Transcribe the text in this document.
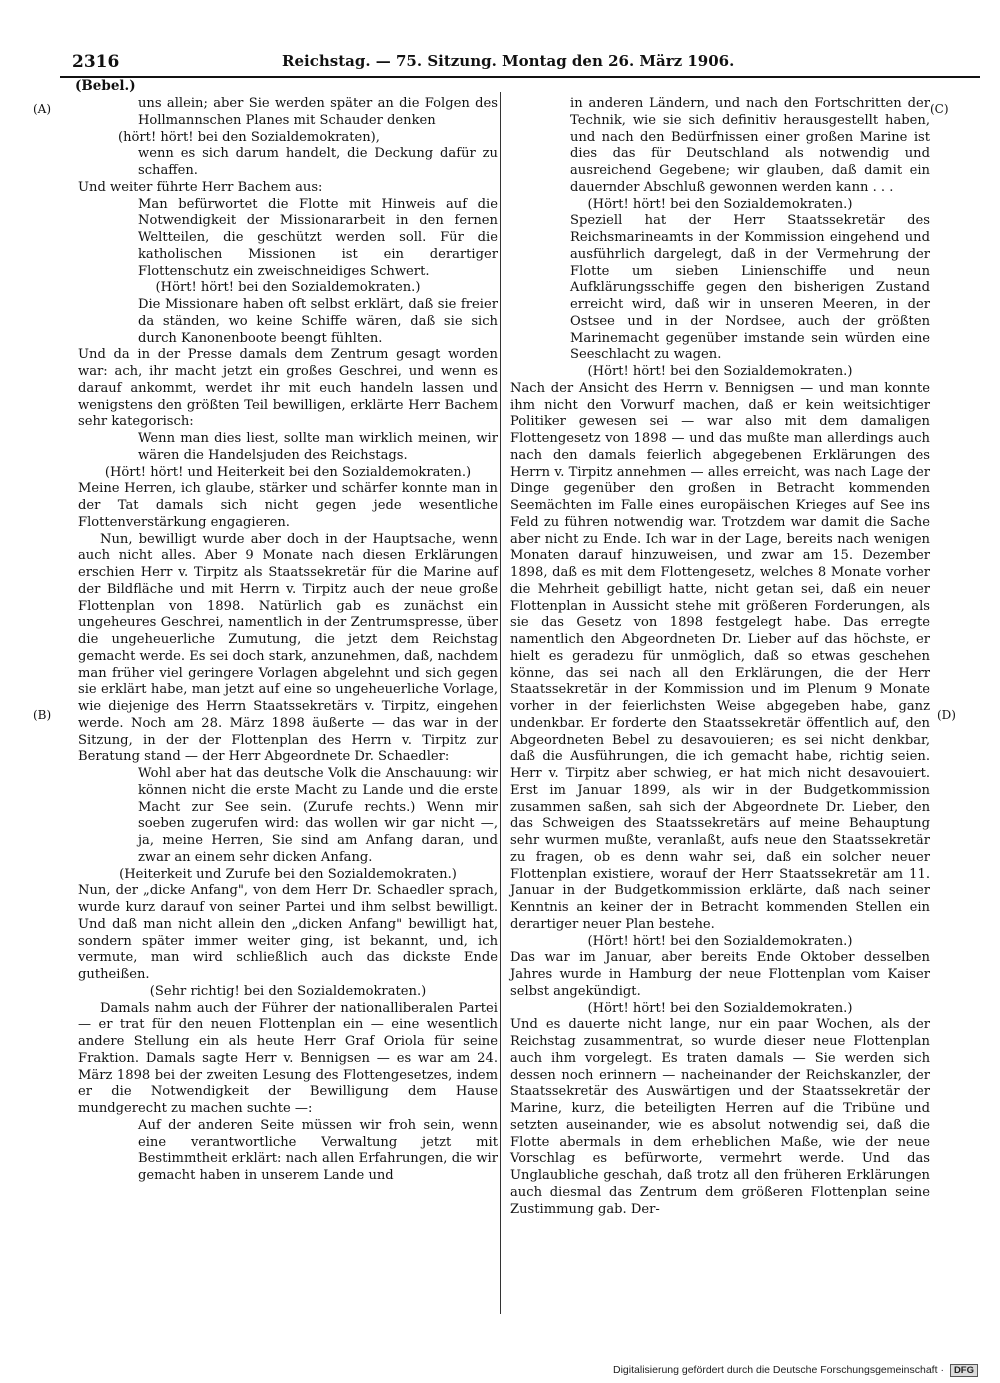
2316	Reichstag. — 75. Sitzung. Montag den 26. März 1906.
(Bebel.)
(A)
(B)
(C)
(D)

uns allein; aber Sie werden später an die Folgen des Hollmannschen Planes mit Schauder denken

(hört! hört! bei den Sozialdemokraten),

wenn es sich darum handelt, die Deckung dafür zu schaffen.

Und weiter führte Herr Bachem aus:

Man befürwortet die Flotte mit Hinweis auf die Notwendigkeit der Missionararbeit in den fernen Weltteilen, die geschützt werden soll. Für die katholischen Missionen ist ein derartiger Flottenschutz ein zweischneidiges Schwert.

(Hört! hört! bei den Sozialdemokraten.)

Die Missionare haben oft selbst erklärt, daß sie freier da ständen, wo keine Schiffe wären, daß sie sich durch Kanonenboote beengt fühlten.

Und da in der Presse damals dem Zentrum gesagt worden war: ach, ihr macht jetzt ein großes Geschrei, und wenn es darauf ankommt, werdet ihr mit euch handeln lassen und wenigstens den größten Teil bewilligen, erklärte Herr Bachem sehr kategorisch:

Wenn man dies liest, sollte man wirklich meinen, wir wären die Handelsjuden des Reichstags.

(Hört! hört! und Heiterkeit bei den Sozialdemokraten.)

Meine Herren, ich glaube, stärker und schärfer konnte man in der Tat damals sich nicht gegen jede wesentliche Flottenverstärkung engagieren.

Nun, bewilligt wurde aber doch in der Hauptsache, wenn auch nicht alles. Aber 9 Monate nach diesen Erklärungen erschien Herr v. Tirpitz als Staatssekretär für die Marine auf der Bildfläche und mit Herrn v. Tirpitz auch der neue große Flottenplan von 1898. Natürlich gab es zunächst ein ungeheures Geschrei, namentlich in der Zentrumspresse, über die ungeheuerliche Zumutung, die jetzt dem Reichstag gemacht werde. Es sei doch stark, anzunehmen, daß, nachdem man früher viel geringere Vorlagen abgelehnt und sich gegen sie erklärt habe, man jetzt auf eine so ungeheuerliche Vorlage, wie diejenige des Herrn Staatssekretärs v. Tirpitz, eingehen werde. Noch am 28. März 1898 äußerte — das war in der Sitzung, in der der Flottenplan des Herrn v. Tirpitz zur Beratung stand — der Herr Abgeordnete Dr. Schaedler:

Wohl aber hat das deutsche Volk die Anschauung: wir können nicht die erste Macht zu Lande und die erste Macht zur See sein. (Zurufe rechts.) Wenn mir soeben zugerufen wird: das wollen wir gar nicht —, ja, meine Herren, Sie sind am Anfang daran, und zwar an einem sehr dicken Anfang.

(Heiterkeit und Zurufe bei den Sozialdemokraten.)

Nun, der „dicke Anfang", von dem Herr Dr. Schaedler sprach, wurde kurz darauf von seiner Partei und ihm selbst bewilligt. Und daß man nicht allein den „dicken Anfang" bewilligt hat, sondern später immer weiter ging, ist bekannt, und, ich vermute, man wird schließlich auch das dickste Ende gutheißen.

(Sehr richtig! bei den Sozialdemokraten.)

Damals nahm auch der Führer der nationalliberalen Partei — er trat für den neuen Flottenplan ein — eine wesentlich andere Stellung ein als heute Herr Graf Oriola für seine Fraktion. Damals sagte Herr v. Bennigsen — es war am 24. März 1898 bei der zweiten Lesung des Flottengesetzes, indem er die Notwendigkeit der Bewilligung dem Hause mundgerecht zu machen suchte —:

Auf der anderen Seite müssen wir froh sein, wenn eine verantwortliche Verwaltung jetzt mit Bestimmtheit erklärt: nach allen Erfahrungen, die wir gemacht haben in unserem Lande und

in anderen Ländern, und nach den Fortschritten der Technik, wie sie sich definitiv herausgestellt haben, und nach den Bedürfnissen einer großen Marine ist dies das für Deutschland als notwendig und ausreichend Gegebene; wir glauben, daß damit ein dauernder Abschluß gewonnen werden kann . . .

(Hört! hört! bei den Sozialdemokraten.)

Speziell hat der Herr Staatssekretär des Reichsmarineamts in der Kommission eingehend und ausführlich dargelegt, daß in der Vermehrung der Flotte um sieben Linienschiffe und neun Aufklärungsschiffe gegen den bisherigen Zustand erreicht wird, daß wir in unseren Meeren, in der Ostsee und in der Nordsee, auch der größten Marinemacht gegenüber imstande sein würden eine Seeschlacht zu wagen.

(Hört! hört! bei den Sozialdemokraten.)

Nach der Ansicht des Herrn v. Bennigsen — und man konnte ihm nicht den Vorwurf machen, daß er kein weitsichtiger Politiker gewesen sei — war also mit dem damaligen Flottengesetz von 1898 — und das mußte man allerdings auch nach den damals feierlich abgegebenen Erklärungen des Herrn v. Tirpitz annehmen — alles erreicht, was nach Lage der Dinge gegenüber den großen in Betracht kommenden Seemächten im Falle eines europäischen Krieges auf See ins Feld zu führen notwendig war. Trotzdem war damit die Sache aber nicht zu Ende. Ich war in der Lage, bereits nach wenigen Monaten darauf hinzuweisen, und zwar am 15. Dezember 1898, daß es mit dem Flottengesetz, welches 8 Monate vorher die Mehrheit gebilligt hatte, nicht getan sei, daß ein neuer Flottenplan in Aussicht stehe mit größeren Forderungen, als sie das Gesetz von 1898 festgelegt habe. Das erregte namentlich den Abgeordneten Dr. Lieber auf das höchste, er hielt es geradezu für unmöglich, daß so etwas geschehen könne, das sei nach all den Erklärungen, die der Herr Staatssekretär in der Kommission und im Plenum 9 Monate vorher in der feierlichsten Weise abgegeben habe, ganz undenkbar. Er forderte den Staatssekretär öffentlich auf, den Abgeordneten Bebel zu desavouieren; es sei nicht denkbar, daß die Ausführungen, die ich gemacht habe, richtig seien. Herr v. Tirpitz aber schwieg, er hat mich nicht desavouiert. Erst im Januar 1899, als wir in der Budgetkommission zusammen saßen, sah sich der Abgeordnete Dr. Lieber, den das Schweigen des Staatssekretärs auf meine Behauptung sehr wurmen mußte, veranlaßt, aufs neue den Staatssekretär zu fragen, ob es denn wahr sei, daß ein solcher neuer Flottenplan existiere, worauf der Herr Staatssekretär am 11. Januar in der Budgetkommission erklärte, daß nach seiner Kenntnis an keiner der in Betracht kommenden Stellen ein derartiger neuer Plan bestehe.

(Hört! hört! bei den Sozialdemokraten.)

Das war im Januar, aber bereits Ende Oktober desselben Jahres wurde in Hamburg der neue Flottenplan vom Kaiser selbst angekündigt.

(Hört! hört! bei den Sozialdemokraten.)

Und es dauerte nicht lange, nur ein paar Wochen, als der Reichstag zusammentrat, so wurde dieser neue Flottenplan auch ihm vorgelegt. Es traten damals — Sie werden sich dessen noch erinnern — nacheinander der Reichskanzler, der Staatssekretär des Auswärtigen und der Staatssekretär der Marine, kurz, die beteiligten Herren auf die Tribüne und setzten auseinander, wie es absolut notwendig sei, daß die Flotte abermals in dem erheblichen Maße, wie der neue Vorschlag es befürworte, vermehrt werde. Und das Unglaubliche geschah, daß trotz all den früheren Erklärungen auch diesmal das Zentrum dem größeren Flottenplan seine Zustimmung gab. Der-

Digitalisierung gefördert durch die Deutsche Forschungsgemeinschaft · DFG
